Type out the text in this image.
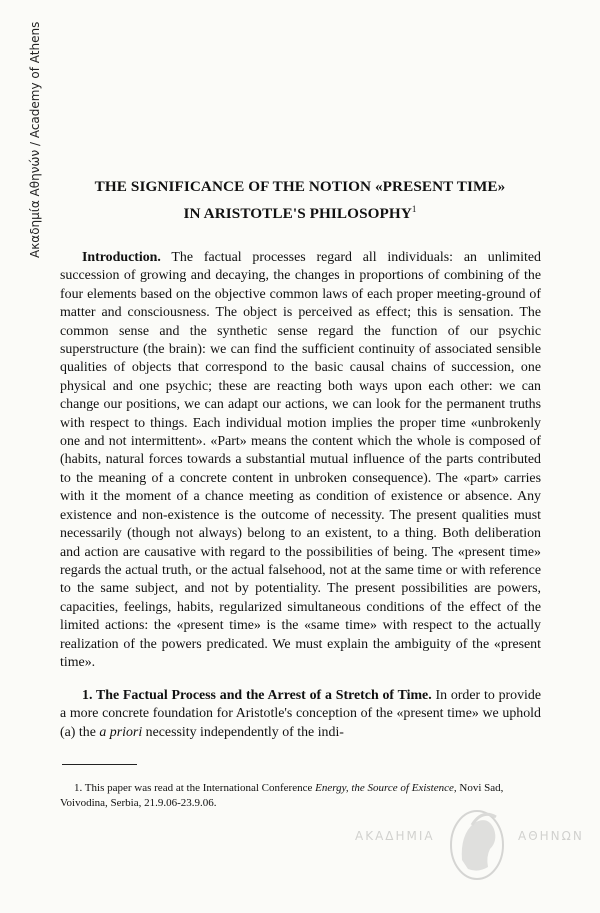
Ακαδημία Αθηνών / Academy of Athens	THE SIGNIFICANCE OF THE NOTION «PRESENT TIME»
IN ARISTOTLE'S PHILOSOPHY$^1$

Introduction. The factual processes regard all individuals: an unlimited succession of growing and decaying, the changes in proportions of combining of the four elements based on the objective common laws of each proper meeting-ground of matter and consciousness. The object is perceived as effect; this is sensation. The common sense and the synthetic sense regard the function of our psychic superstructure (the brain): we can find the sufficient continuity of associated sensible qualities of objects that correspond to the basic causal chains of succession, one physical and one psychic; these are reacting both ways upon each other: we can change our positions, we can adapt our actions, we can look for the permanent truths with respect to things. Each individual motion implies the proper time «unbrokenly one and not intermittent». «Part» means the content which the whole is composed of (habits, natural forces towards a substantial mutual influence of the parts contributed to the meaning of a concrete content in unbroken consequence). The «part» carries with it the moment of a chance meeting as condition of existence or absence. Any existence and non-existence is the outcome of necessity. The present qualities must necessarily (though not always) belong to an existent, to a thing. Both deliberation and action are causative with regard to the possibilities of being. The «present time» regards the actual truth, or the actual falsehood, not at the same time or with reference to the same subject, and not by potentiality. The present possibilities are powers, capacities, feelings, habits, regularized simultaneous conditions of the effect of the limited actions: the «present time» is the «same time» with respect to the actually realization of the powers predicated. We must explain the ambiguity of the «present time».

1. The Factual Process and the Arrest of a Stretch of Time. In order to provide a more concrete foundation for Aristotle's conception of the «present time» we uphold (a) the a priori necessity independently of the indi-

1. This paper was read at the International Conference Energy, the Source of Existence, Novi Sad, Voivodina, Serbia, 21.9.06-23.9.06.

ΑΚΑΔΗΜΙΑ	ΑΘΗΝΩΝ
